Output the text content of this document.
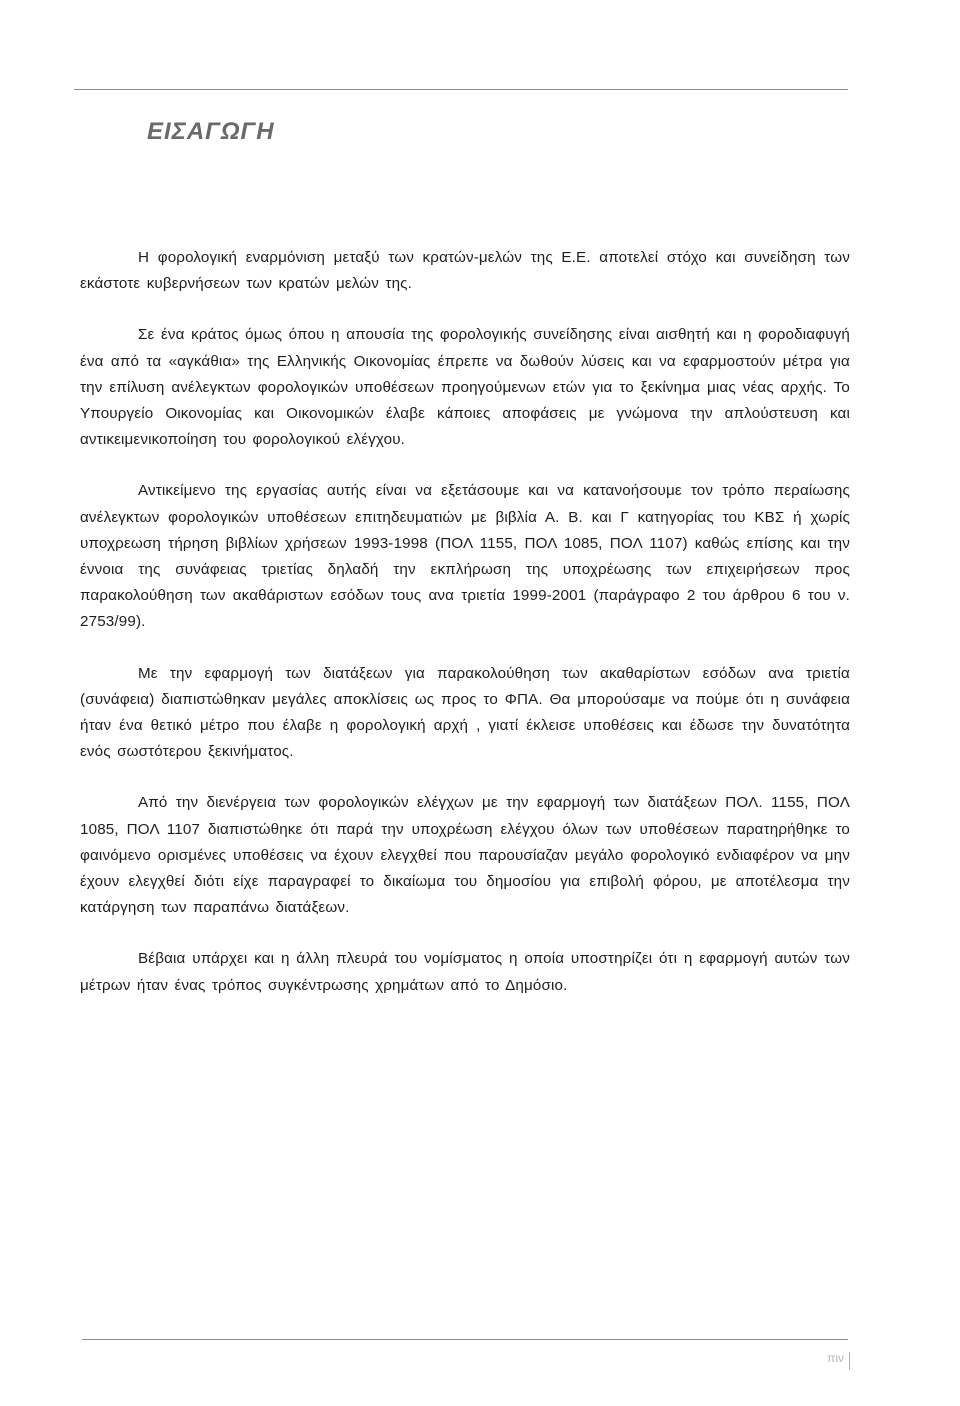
ΕΙΣΑΓΩΓΗ

Η φορολογική εναρμόνιση μεταξύ των κρατών-μελών της Ε.Ε. αποτελεί στόχο και συνείδηση των εκάστοτε κυβερνήσεων των κρατών μελών της.

Σε ένα κράτος όμως όπου η απουσία της φορολογικής συνείδησης είναι αισθητή και η φοροδιαφυγή ένα από τα «αγκάθια» της Ελληνικής Οικονομίας έπρεπε να δωθούν λύσεις και να εφαρμοστούν μέτρα για την επίλυση ανέλεγκτων φορολογικών υποθέσεων προηγούμενων ετών για το ξεκίνημα μιας νέας αρχής. Το Υπουργείο Οικονομίας και Οικονομικών έλαβε κάποιες αποφάσεις με γνώμονα την απλούστευση και αντικειμενικοποίηση του φορολογικού ελέγχου.

Αντικείμενο της εργασίας αυτής είναι να εξετάσουμε και να κατανοήσουμε τον τρόπο περαίωσης ανέλεγκτων φορολογικών υποθέσεων επιτηδευματιών με βιβλία Α. Β. και Γ κατηγορίας του ΚΒΣ ή χωρίς υποχρεωση τήρηση βιβλίων χρήσεων 1993-1998 (ΠΟΛ 1155, ΠΟΛ 1085, ΠΟΛ 1107) καθώς επίσης και την έννοια της συνάφειας τριετίας δηλαδή την εκπλήρωση της υποχρέωσης των επιχειρήσεων προς παρακολούθηση των ακαθάριστων εσόδων τους ανα τριετία 1999-2001 (παράγραφο 2 του άρθρου 6 του ν. 2753/99).

Με την εφαρμογή των διατάξεων για παρακολούθηση των ακαθαρίστων εσόδων ανα τριετία (συνάφεια) διαπιστώθηκαν μεγάλες αποκλίσεις ως προς το ΦΠΑ. Θα μπορούσαμε να πούμε ότι η συνάφεια ήταν ένα θετικό μέτρο που έλαβε η φορολογική αρχή , γιατί έκλεισε υποθέσεις και έδωσε την δυνατότητα ενός σωστότερου ξεκινήματος.

Από την διενέργεια των φορολογικών ελέγχων με την εφαρμογή των διατάξεων ΠΟΛ. 1155, ΠΟΛ 1085, ΠΟΛ 1107 διαπιστώθηκε ότι παρά την υποχρέωση ελέγχου όλων των υποθέσεων παρατηρήθηκε το φαινόμενο ορισμένες υποθέσεις να έχουν ελεγχθεί που παρουσίαζαν μεγάλο φορολογικό ενδιαφέρον να μην έχουν ελεγχθεί διότι είχε παραγραφεί το δικαίωμα του δημοσίου για επιβολή φόρου, με αποτέλεσμα την κατάργηση των παραπάνω διατάξεων.

Βέβαια υπάρχει και η άλλη πλευρά του νομίσματος η οποία υποστηρίζει ότι η εφαρμογή αυτών των μέτρων ήταν ένας τρόπος συγκέντρωσης χρημάτων από το Δημόσιο.

πιν
